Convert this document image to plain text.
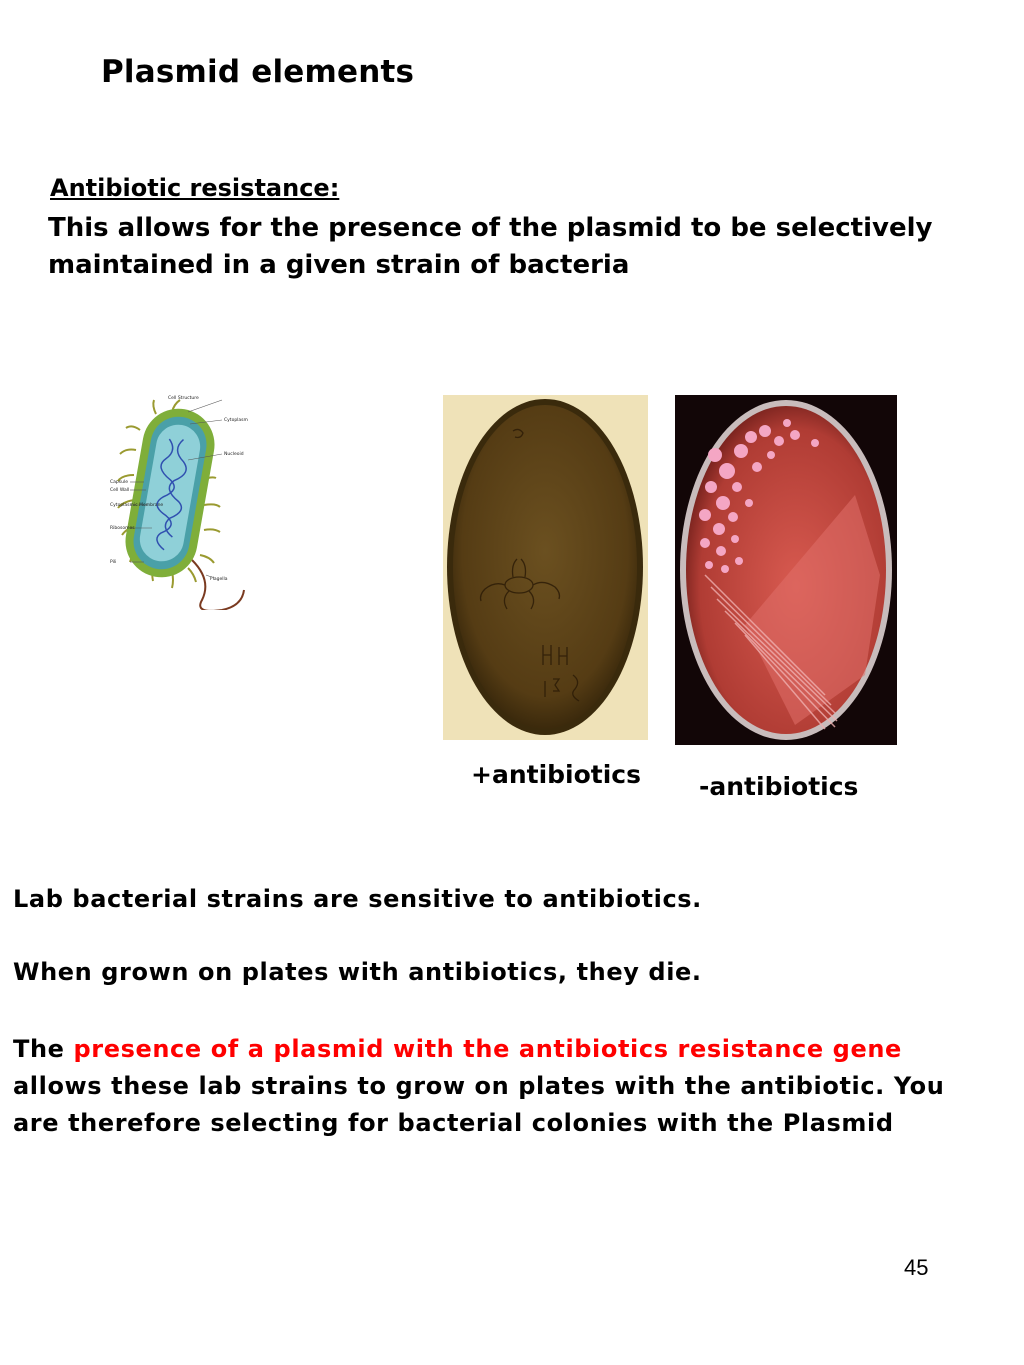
Plasmid elements
Antibiotic resistance:
This allows for the presence of the plasmid to be selectively
maintained in a given strain of bacteria
Cell Structure
Cytoplasm
Nucleoid
Capsule
Cell Wall
Cytoplasmic Membrane
Ribosomes
Pili
Flagella
+antibiotics -antibiotics
Lab bacterial strains are sensitive to antibiotics.
When grown on plates with antibiotics, they die.
The presence of a plasmid with the antibiotics resistance gene
allows these lab strains to grow on plates with the antibiotic. You
are therefore selecting for bacterial colonies with the Plasmid
45
